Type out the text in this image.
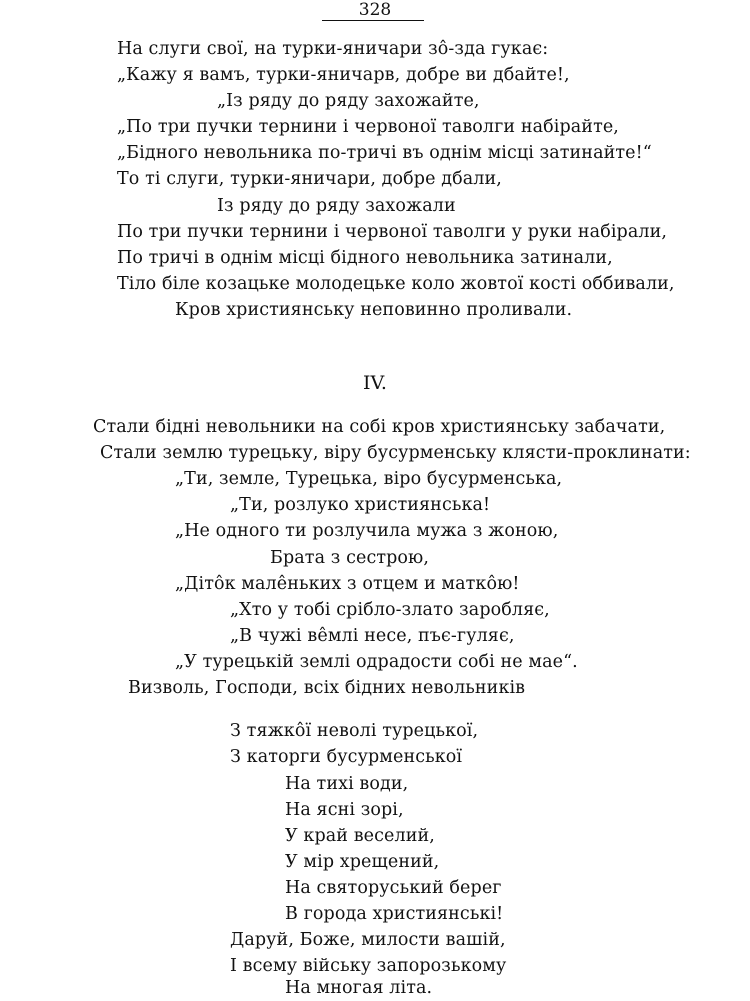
328
На слуги свої, на турки-яничари зо̂-зда гукає:
„Кажу я вамъ, турки-яничарв, добре ви дбайте!,
„Із ряду до ряду захожайте,
„По три пучки тернини і червоної таволги набірайте,
„Бідного невольника по-тричі въ однім місці затинайте!“
То ті слуги, турки-яничари, добре дбали,
Із ряду до ряду захожали
По три пучки тернини і червоної таволги у руки набірали,
По тричі в однім місці бідного невольника затинали,
Тіло біле козацьке молодецьке коло жовтої кості оббивали,
Кров християнську неповинно проливали.
IV.
Стали бідні невольники на собі кров християнську забачати,
Стали землю турецьку, віру бусурменську клясти-проклинати:
„Ти, земле, Турецька, віро бусурменська,
„Ти, розлуко християнська!
„Не одного ти розлучила мужа з жоною,
Брата з сестрою,
„Діто̂к мале̂ньких з отцем и матко̂ю!
„Хто у тобі срібло-злато заробляє,
„В чужі ве̂млі несе, пъє-гуляє,
„У турецькій землі одрадости собі не мае“.
Визволь, Господи, всіх бідних невольників
З тяжко̂ї неволі турецької,
З каторги бусурменської
На тихі води,
На ясні зорі,
У край веселий,
У мір хрещений,
На святоруський берег
В города християнські!
Даруй, Боже, милости вашій,
І всему війську запорозькому
На многая літа.
